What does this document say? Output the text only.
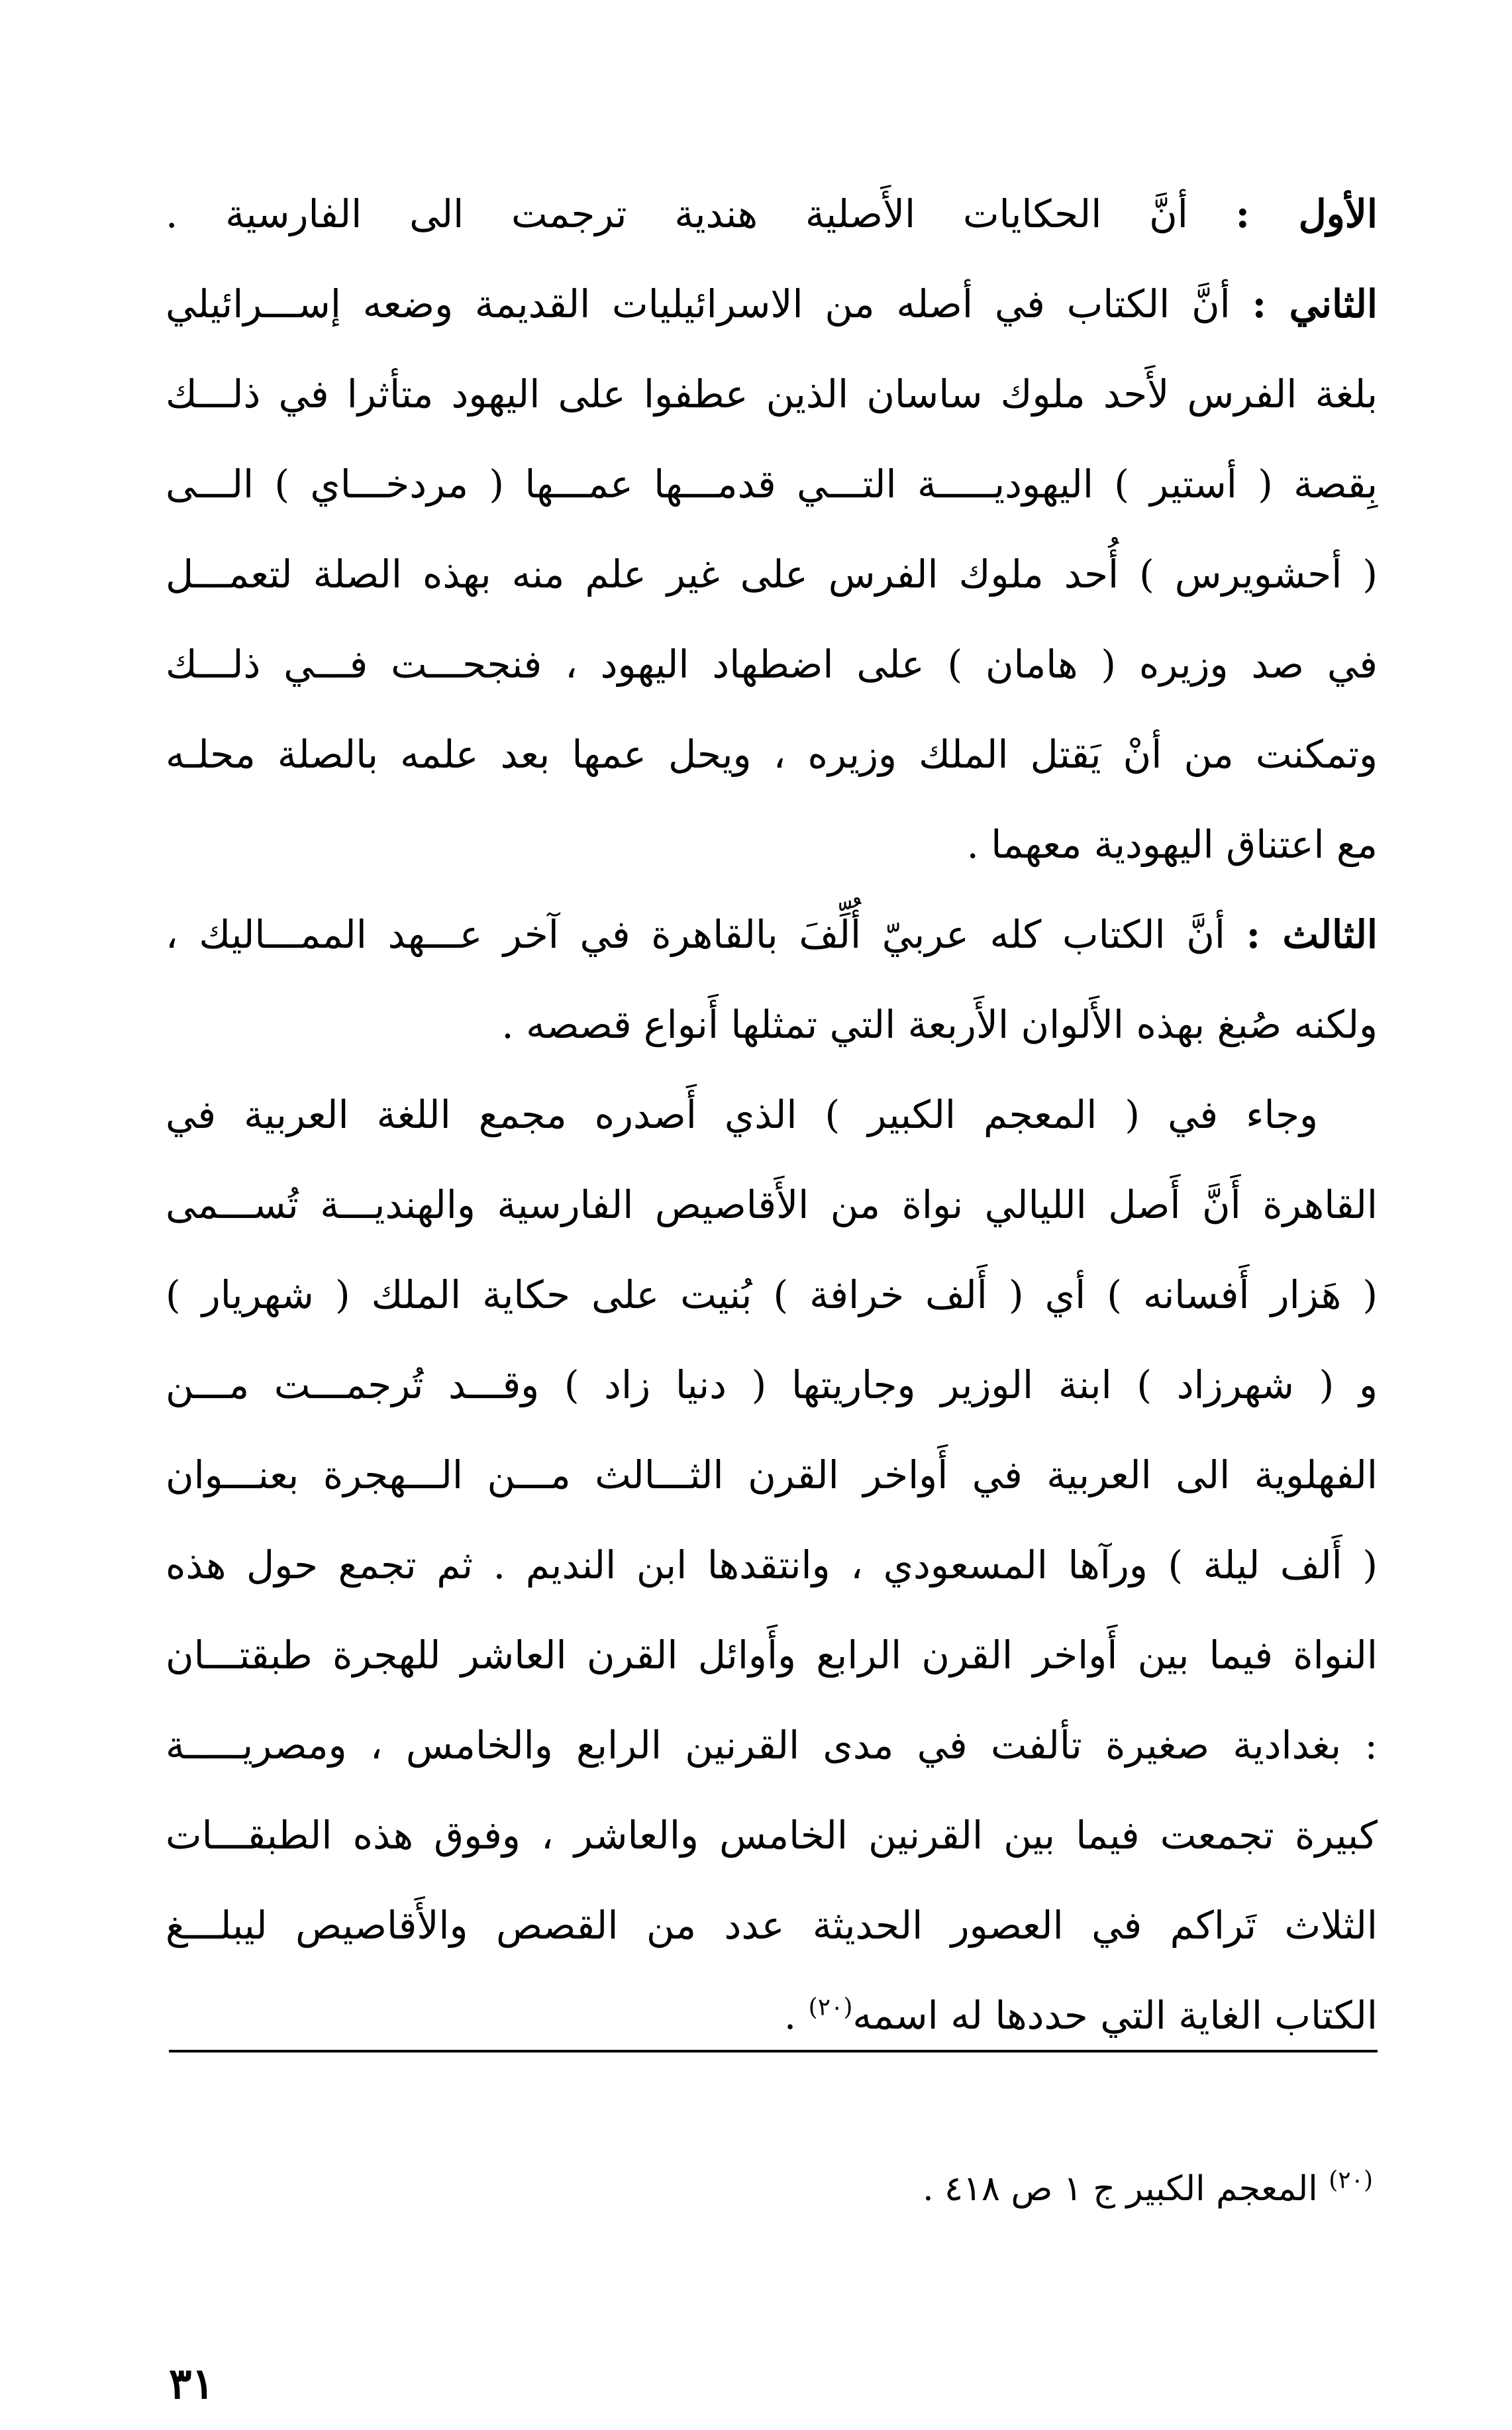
الأول : أنَّ الحكايات الأَصلية هندية ترجمت الى الفارسية .
الثاني : أنَّ الكتاب في أصله من الاسرائيليات القديمة وضعه إســـرائيلي
بلغة الفرس لأَحد ملوك ساسان الذين عطفوا على اليهود متأثرا في ذلـــك
بِقصة ( أستير ) اليهوديـــــة التـــي قدمـــها عمـــها ( مردخـــاي ) الـــى
( أحشويرس ) أُحد ملوك الفرس على غير علم منه بهذه الصلة لتعمـــل
في صد وزيره ( هامان ) على اضطهاد اليهود ، فنجحـــت فـــي ذلـــك
وتمكنت من أنْ يَقتل الملك وزيره ، ويحل عمها بعد علمه بالصلة محلـه
مع اعتناق اليهودية معهما .
الثالث : أنَّ الكتاب كله عربيّ أُلِّفَ بالقاهرة في آخر عـــهد الممـــاليك ،
ولكنه صُبغ بهذه الأَلوان الأَربعة التي تمثلها أَنواع قصصه .
وجاء في ( المعجم الكبير ) الذي أَصدره مجمع اللغة العربية في
القاهرة أَنَّ أَصل الليالي نواة من الأَقاصيص الفارسية والهنديـــة تُســـمى
( هَزار أَفسانه ) أي ( أَلف خرافة ) بُنيت على حكاية الملك ( شهريار )
و ( شهرزاد ) ابنة الوزير وجاريتها ( دنيا زاد ) وقـــد تُرجمـــت مـــن
الفهلوية الى العربية في أَواخر القرن الثـــالث مـــن الـــهجرة بعنـــوان
( أَلف ليلة ) ورآها المسعودي ، وانتقدها ابن النديم . ثم تجمع حول هذه
النواة فيما بين أَواخر القرن الرابع وأَوائل القرن العاشر للهجرة طبقتـــان
: بغدادية صغيرة تألفت في مدى القرنين الرابع والخامس ، ومصريـــــة
كبيرة تجمعت فيما بين القرنين الخامس والعاشر ، وفوق هذه الطبقـــات
الثلاث تَراكم في العصور الحديثة عدد من القصص والأَقاصيص ليبلـــغ
الكتاب الغاية التي حددها له اسمه$^{(٢٠)}$ .
$^{(٢٠)}$ المعجم الكبير ج ١ ص ٤١٨ .
٣١
